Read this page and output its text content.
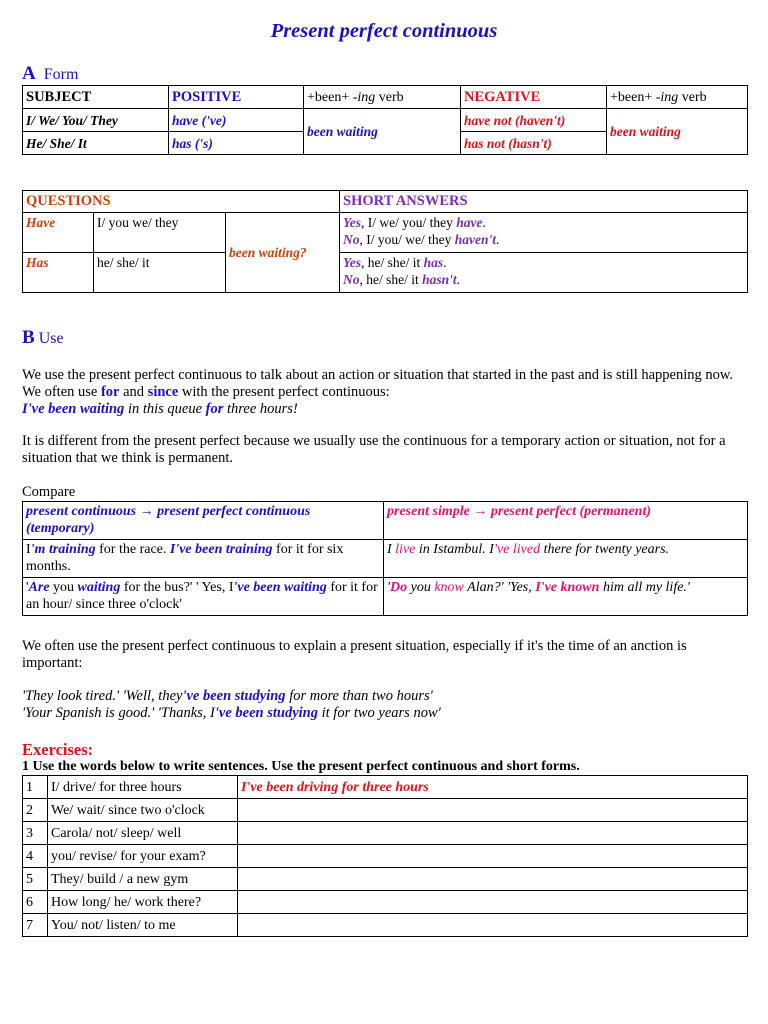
Present perfect continuous
A Form
SUBJECT	POSITIVE	+been+ -ing verb	NEGATIVE	+been+ -ing verb
I/ We/ You/ They	have ('ve)	been waiting	have not (haven't)	been waiting
He/ She/ It	has ('s)		has not (hasn't)	
QUESTIONS			SHORT ANSWERS
Have	I/ you we/ they	been waiting?	Yes, I/ we/ you/ they have.
No, I/ you/ we/ they haven't.
Has	he/ she/ it		Yes, he/ she/ it has.
No, he/ she/ it hasn't.
B Use

We use the present perfect continuous to talk about an action or situation that started in the past and is still happening now. We often use for and since with the present perfect continuous:
I've been waiting in this queue for three hours!

It is different from the present perfect because we usually use the continuous for a temporary action or situation, not for a situation that we think is permanent.

Compare

present continuous → present perfect continuous (temporary)	present simple → present perfect (permanent)
I'm training for the race. I've been training for it for six months.	I live in Istambul. I've lived there for twenty years.
'Are you waiting for the bus?' ' Yes, I've been waiting for it for an hour/ since three o'clock'	'Do you know Alan?' 'Yes, I've known him all my life.'

We often use the present perfect continuous to explain a present situation, especially if it's the time of an anction is important:

'They look tired.' 'Well, they've been studying for more than two hours'
'Your Spanish is good.' 'Thanks, I've been studying it for two years now'

Exercises:
1 Use the words below to write sentences. Use the present perfect continuous and short forms.
1	I/ drive/ for three hours	I've been driving for three hours
2	We/ wait/ since two o'clock	
3	Carola/ not/ sleep/ well	
4	you/ revise/ for your exam?	
5	They/ build / a new gym	
6	How long/ he/ work there?	
7	You/ not/ listen/ to me	
